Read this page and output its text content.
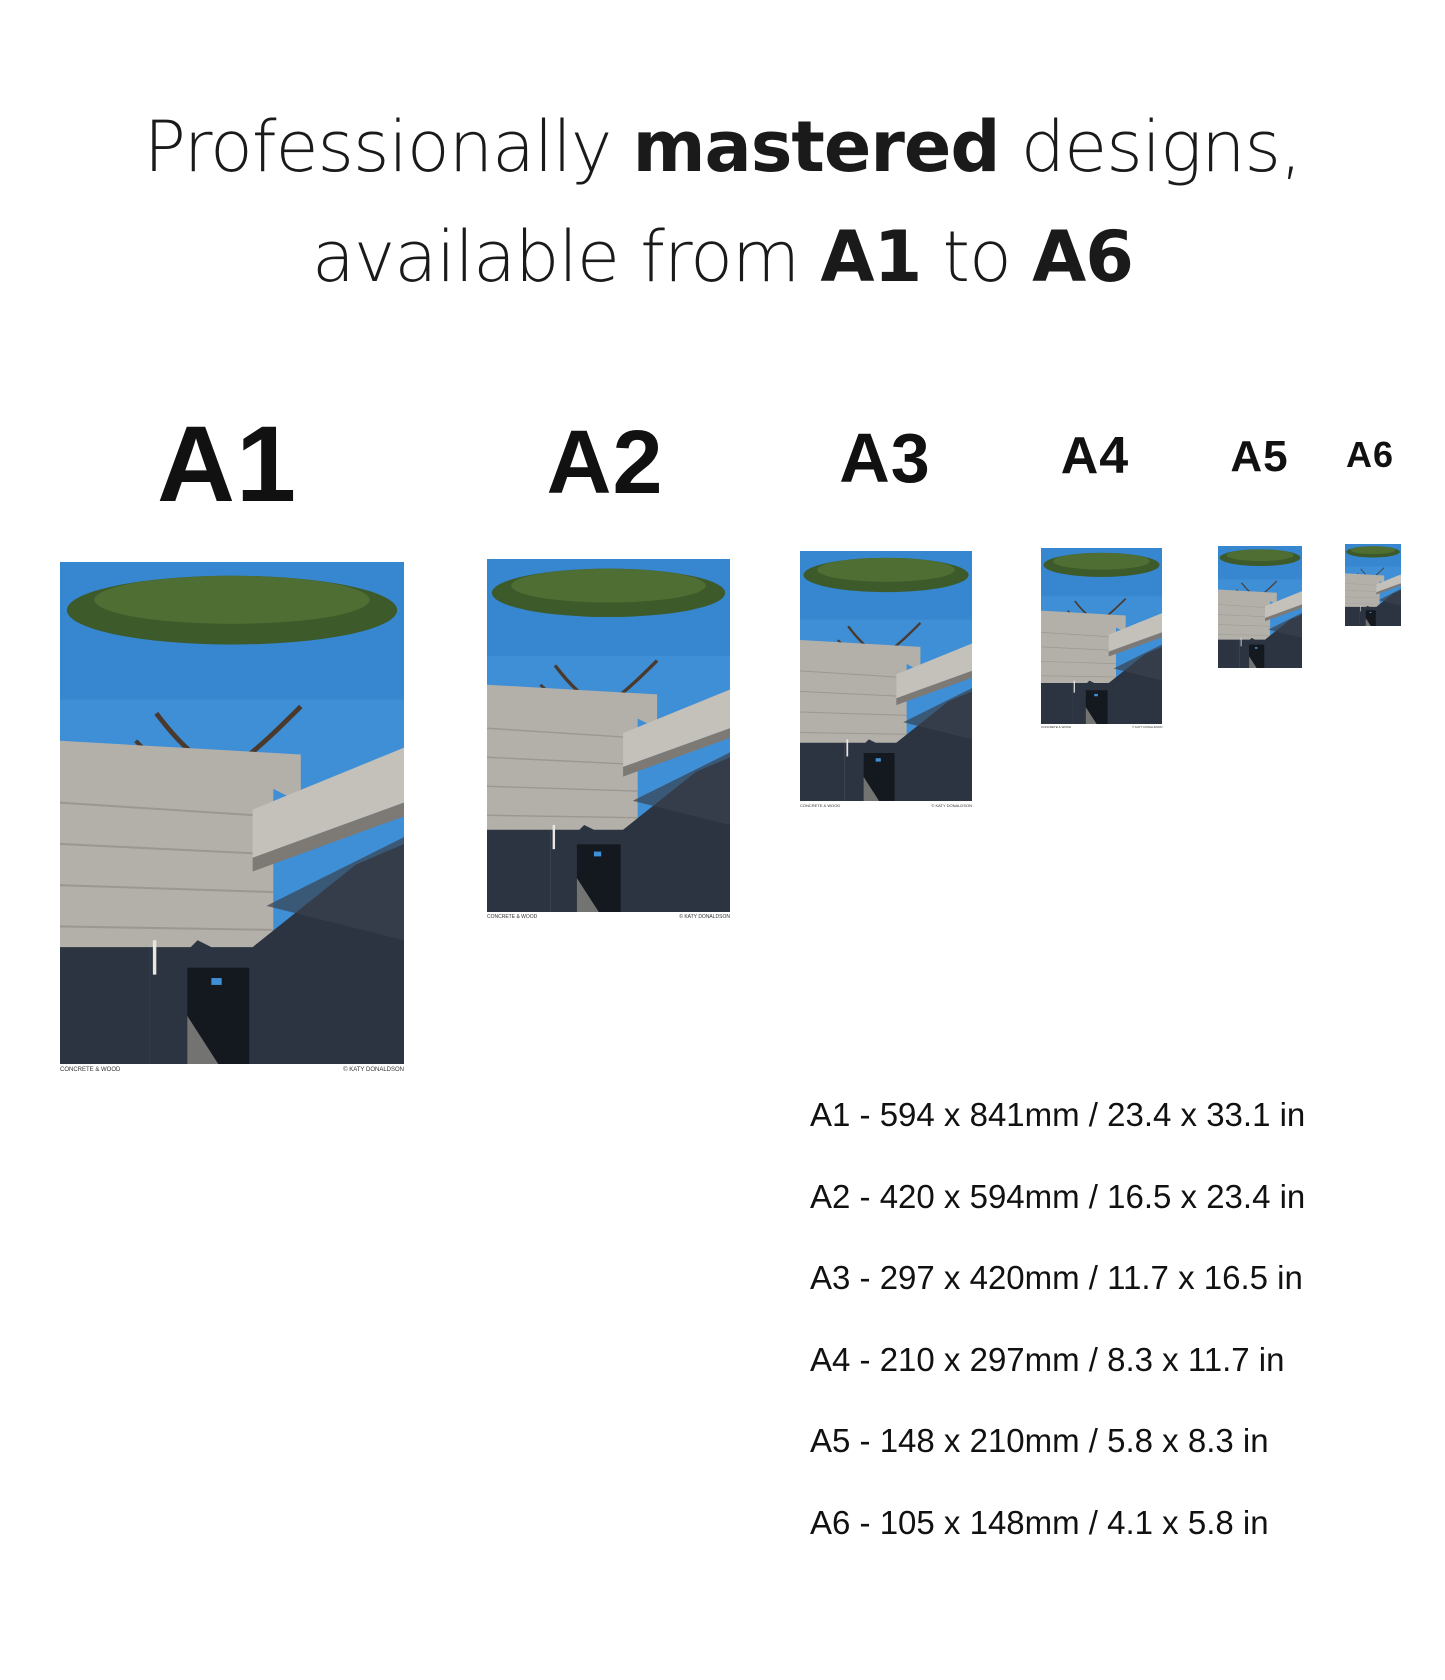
Professionally mastered designs,
available from A1 to A6
A1	A2	A3	A4 A5 A6
CONCRETE & WOOD	© KATY DONALDSON
CONCRETE & WOOD	© KATY DONALDSON
CONCRETE & WOOD	© KATY DONALDSON
CONCRETE & WOOD	© KATY DONALDSON
A1 - 594 x 841mm / 23.4 x 33.1 in
A2 - 420 x 594mm / 16.5 x 23.4 in
A3 - 297 x 420mm / 11.7 x 16.5 in
A4 - 210 x 297mm / 8.3 x 11.7 in
A5 - 148 x 210mm / 5.8 x 8.3 in
A6 - 105 x 148mm / 4.1 x 5.8 in
